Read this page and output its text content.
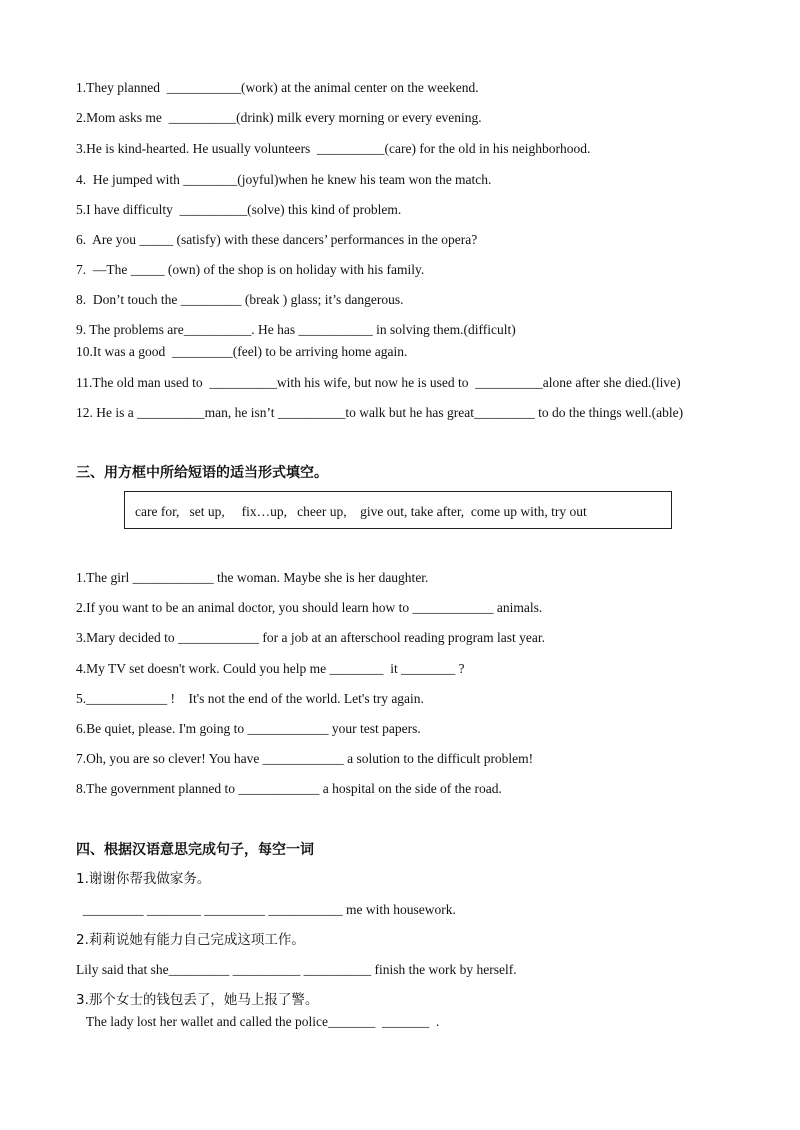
1.They planned  ___________(work) at the animal center on the weekend.
2.Mom asks me  __________(drink) milk every morning or every evening.
3.He is kind-hearted. He usually volunteers  __________(care) for the old in his neighborhood.
4.  He jumped with ________(joyful)when he knew his team won the match.
5.I have difficulty  __________(solve) this kind of problem.
6.  Are you _____ (satisfy) with these dancers’ performances in the opera?
7.  —The _____ (own) of the shop is on holiday with his family.
8.  Don’t touch the _________ (break ) glass; it’s dangerous.
9. The problems are__________. He has ___________ in solving them.(difficult)
10.It was a good  _________(feel) to be arriving home again.
11.The old man used to  __________with his wife, but now he is used to  __________alone after she died.(live)
12. He is a __________man, he isn’t __________to walk but he has great_________ to do the things well.(able)
三、用方框中所给短语的适当形式填空。
care for,   set up,     fix…up,   cheer up,    give out, take after,  come up with, try out
1.The girl ____________ the woman. Maybe she is her daughter.
2.If you want to be an animal doctor, you should learn how to ____________ animals.
3.Mary decided to ____________ for a job at an afterschool reading program last year.
4.My TV set doesn't work. Could you help me ________  it ________ ?
5.____________ !    It's not the end of the world. Let's try again.
6.Be quiet, please. I'm going to ____________ your test papers.
7.Oh, you are so clever! You have ____________ a solution to the difficult problem!
8.The government planned to ____________ a hospital on the side of the road.
四、根据汉语意思完成句子，每空一词
1.谢谢你帮我做家务。
_________ ________ _________ ___________ me with housework.
2.莉莉说她有能力自己完成这项工作。
Lily said that she_________ __________ __________ finish the work by herself.
3.那个女士的钱包丢了，她马上报了警。
The lady lost her wallet and called the police_______  _______  .
